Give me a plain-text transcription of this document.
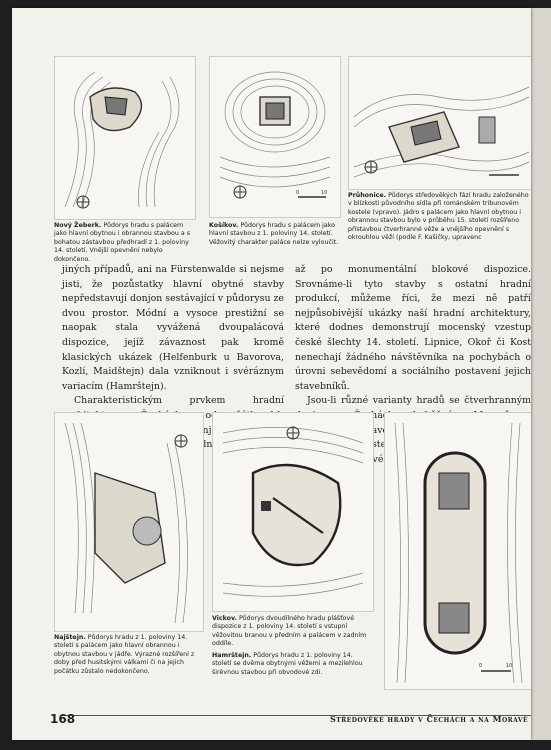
Nový Žeberk. Půdorys hradu s palácem jako hlavní obytnou i obrannou stavbou a s bohatou zástavbou předhradí z 1. poloviny 14. století. Vnější opevnění nebylo dokončeno.
0	10
Košíkov. Půdorys hradu s palácem jako hlavní stavbou z 1. poloviny 14. století. Věžovitý charakter paláce nelze vyloučit.
Průhonice. Půdorys středověkých fází hradu založeného v blízkosti původního sídla při románském tribunovém kostele (vpravo). Jádro s palácem jako hlavní obytnou i obrannou stavbou bylo v průběhu 15. století rozšířeno přístavbou čtverhranné věže a vnějšího opevnění s okrouhlou věží (podle F. Kašičky, upravenc

jiných případů, ani na Fürstenwalde si nejsme jisti, že pozůstatky hlavní obytné stavby nepředstavují donjon sestávající v půdorysu ze dvou prostor. Módní a vysoce prestižní se naopak stala vyvážená dvoupalácová dispozice, jejíž závaznost pak kromě klasických ukázek (Helfenburk u Bavorova, Kozlí, Maidštejn) dala vzniknout i svéráznym variacím (Hamrštejn).

Charakteristickým prvkem hradní donjon.

až po monumentální blokové dispozice. Srovnáme-li tyto stavby s ostatní hradní produkcí, můžeme říci, že mezi ně patří nejpůsobivější ukázky naší hradní architektury, které dodnes demonstrují mocenský vzestup české šlechty 14. století. Lipnice, Okoř či Kost nenechají žádného návštěvníka na pochybách o úrovni sebevědomí a sociálního postavení jejich stavebníků.

Jsou-li různé varianty hradů se čtverhranným Městečka

Najštejn. Půdorys hradu z 1. poloviny 14. století s palácem jako hlavní obrannou i obytnou stavbou v jádře. Výrazné rozšíření z doby před husitskými válkami či na jejich počátku zůstalo nedokončeno.
Vickov. Půdorys dvoudílného hradu plášťové dispozice z 1. poloviny 14. století s vstupní věžovitou branou v předním a palácem v zadním oddíle.
Hamrštejn. Půdorys hradu z 1. poloviny 14. století se dvěma obytnými věžemi a mezilehlou širěvnou stavbou při obvodové zdi.
0	10
168	Středověké hrady v Čechách a na Moravě
